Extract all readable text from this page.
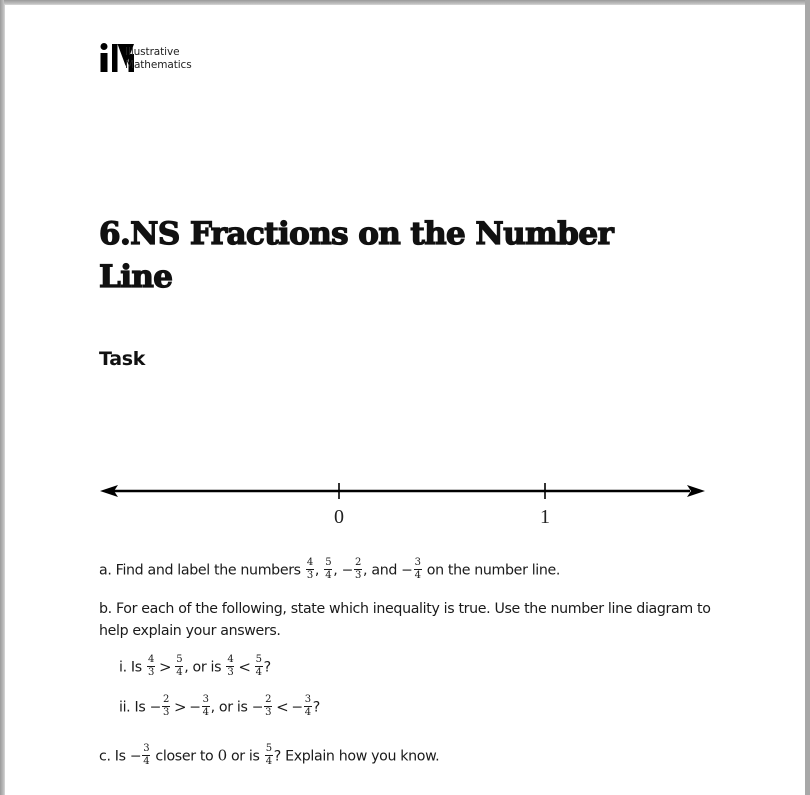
Illustrative
Mathematics
6.NS Fractions on the Number
Line
Task
0	1
a. Find and label the numbers $\frac{4}{3}$ , $\frac{5}{4}$ , − $\frac{2}{3}$ , and − $\frac{3}{4}$ on the number line.
b. For each of the following, state which inequality is true. Use the number line diagram to help explain your answers.
i. Is $\frac{4}{3} > \frac{5}{4}$ , or is $\frac{4}{3} < \frac{5}{4}$ ?
ii. $Is - \frac{2}{3}$ > − $\frac{3}{4}$ , or is − $\frac{2}{3}$ < − $\frac{3}{4}$ ?
c. $Is - \frac{3}{4}$ closer to 0 or is $\frac{5}{4}$ ? Explain how you know.
